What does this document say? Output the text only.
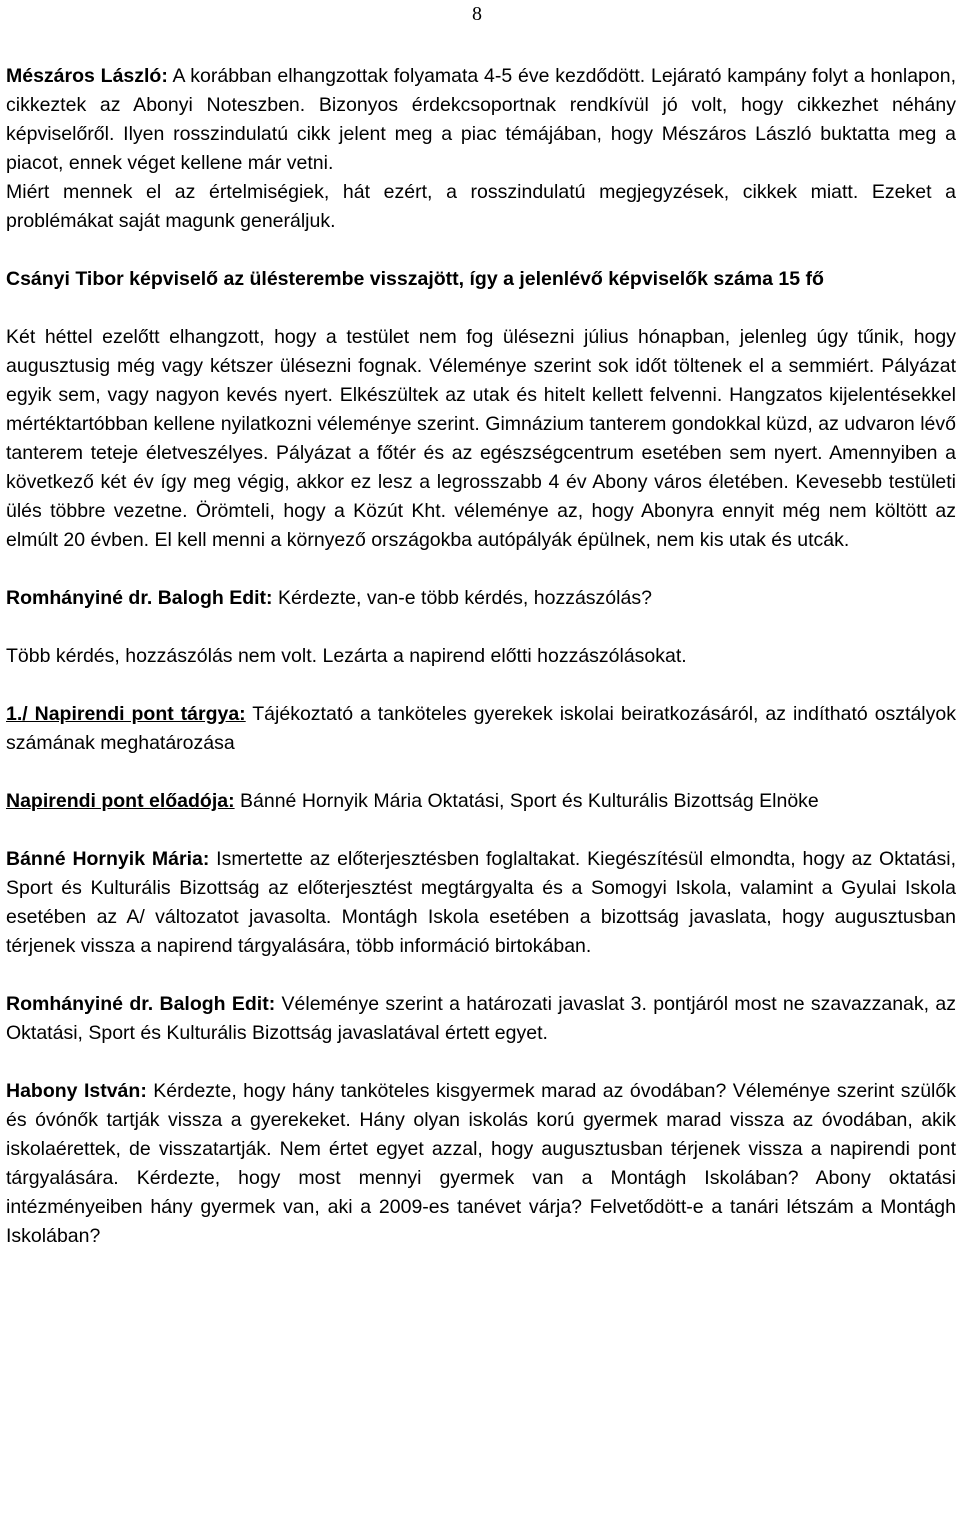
8

Mészáros László: A korábban elhangzottak folyamata 4-5 éve kezdődött. Lejárató kampány folyt a honlapon, cikkeztek az Abonyi Noteszben. Bizonyos érdekcsoportnak rendkívül jó volt, hogy cikkezhet néhány képviselőről. Ilyen rosszindulatú cikk jelent meg a piac témájában, hogy Mészáros László buktatta meg a piacot, ennek véget kellene már vetni.

Miért mennek el az értelmiségiek, hát ezért, a rosszindulatú megjegyzések, cikkek miatt. Ezeket a problémákat saját magunk generáljuk.

Csányi Tibor képviselő az ülésterembe visszajött, így a jelenlévő képviselők száma 15 fő

Két héttel ezelőtt elhangzott, hogy a testület nem fog ülésezni július hónapban, jelenleg úgy tűnik, hogy augusztusig még vagy kétszer ülésezni fognak. Véleménye szerint sok időt töltenek el a semmiért. Pályázat egyik sem, vagy nagyon kevés nyert. Elkészültek az utak és hitelt kellett felvenni. Hangzatos kijelentésekkel mértéktartóbban kellene nyilatkozni véleménye szerint. Gimnázium tanterem gondokkal küzd, az udvaron lévő tanterem teteje életveszélyes. Pályázat a főtér és az egészségcentrum esetében sem nyert. Amennyiben a következő két év így meg végig, akkor ez lesz a legrosszabb 4 év Abony város életében. Kevesebb testületi ülés többre vezetne. Örömteli, hogy a Közút Kht. véleménye az, hogy Abonyra ennyit még nem költött az elmúlt 20 évben. El kell menni a környező országokba autópályák épülnek, nem kis utak és utcák.

Romhányiné dr. Balogh Edit: Kérdezte, van-e több kérdés, hozzászólás?

Több kérdés, hozzászólás nem volt. Lezárta a napirend előtti hozzászólásokat.

1./ Napirendi pont tárgya: Tájékoztató a tanköteles gyerekek iskolai beiratkozásáról, az indítható osztályok számának meghatározása

Napirendi pont előadója: Bánné Hornyik Mária Oktatási, Sport és Kulturális Bizottság Elnöke

Bánné Hornyik Mária: Ismertette az előterjesztésben foglaltakat. Kiegészítésül elmondta, hogy az Oktatási, Sport és Kulturális Bizottság az előterjesztést megtárgyalta és a Somogyi Iskola, valamint a Gyulai Iskola esetében az A/ változatot javasolta. Montágh Iskola esetében a bizottság javaslata, hogy augusztusban térjenek vissza a napirend tárgyalására, több információ birtokában.

Romhányiné dr. Balogh Edit: Véleménye szerint a határozati javaslat 3. pontjáról most ne szavazzanak, az Oktatási, Sport és Kulturális Bizottság javaslatával értett egyet.

Habony István: Kérdezte, hogy hány tanköteles kisgyermek marad az óvodában? Véleménye szerint szülők és óvónők tartják vissza a gyerekeket. Hány olyan iskolás korú gyermek marad vissza az óvodában, akik iskolaérettek, de visszatartják. Nem értet egyet azzal, hogy augusztusban térjenek vissza a napirendi pont tárgyalására. Kérdezte, hogy most mennyi gyermek van a Montágh Iskolában? Abony oktatási intézményeiben hány gyermek van, aki a 2009-es tanévet várja? Felvetődött-e a tanári létszám a Montágh Iskolában?
